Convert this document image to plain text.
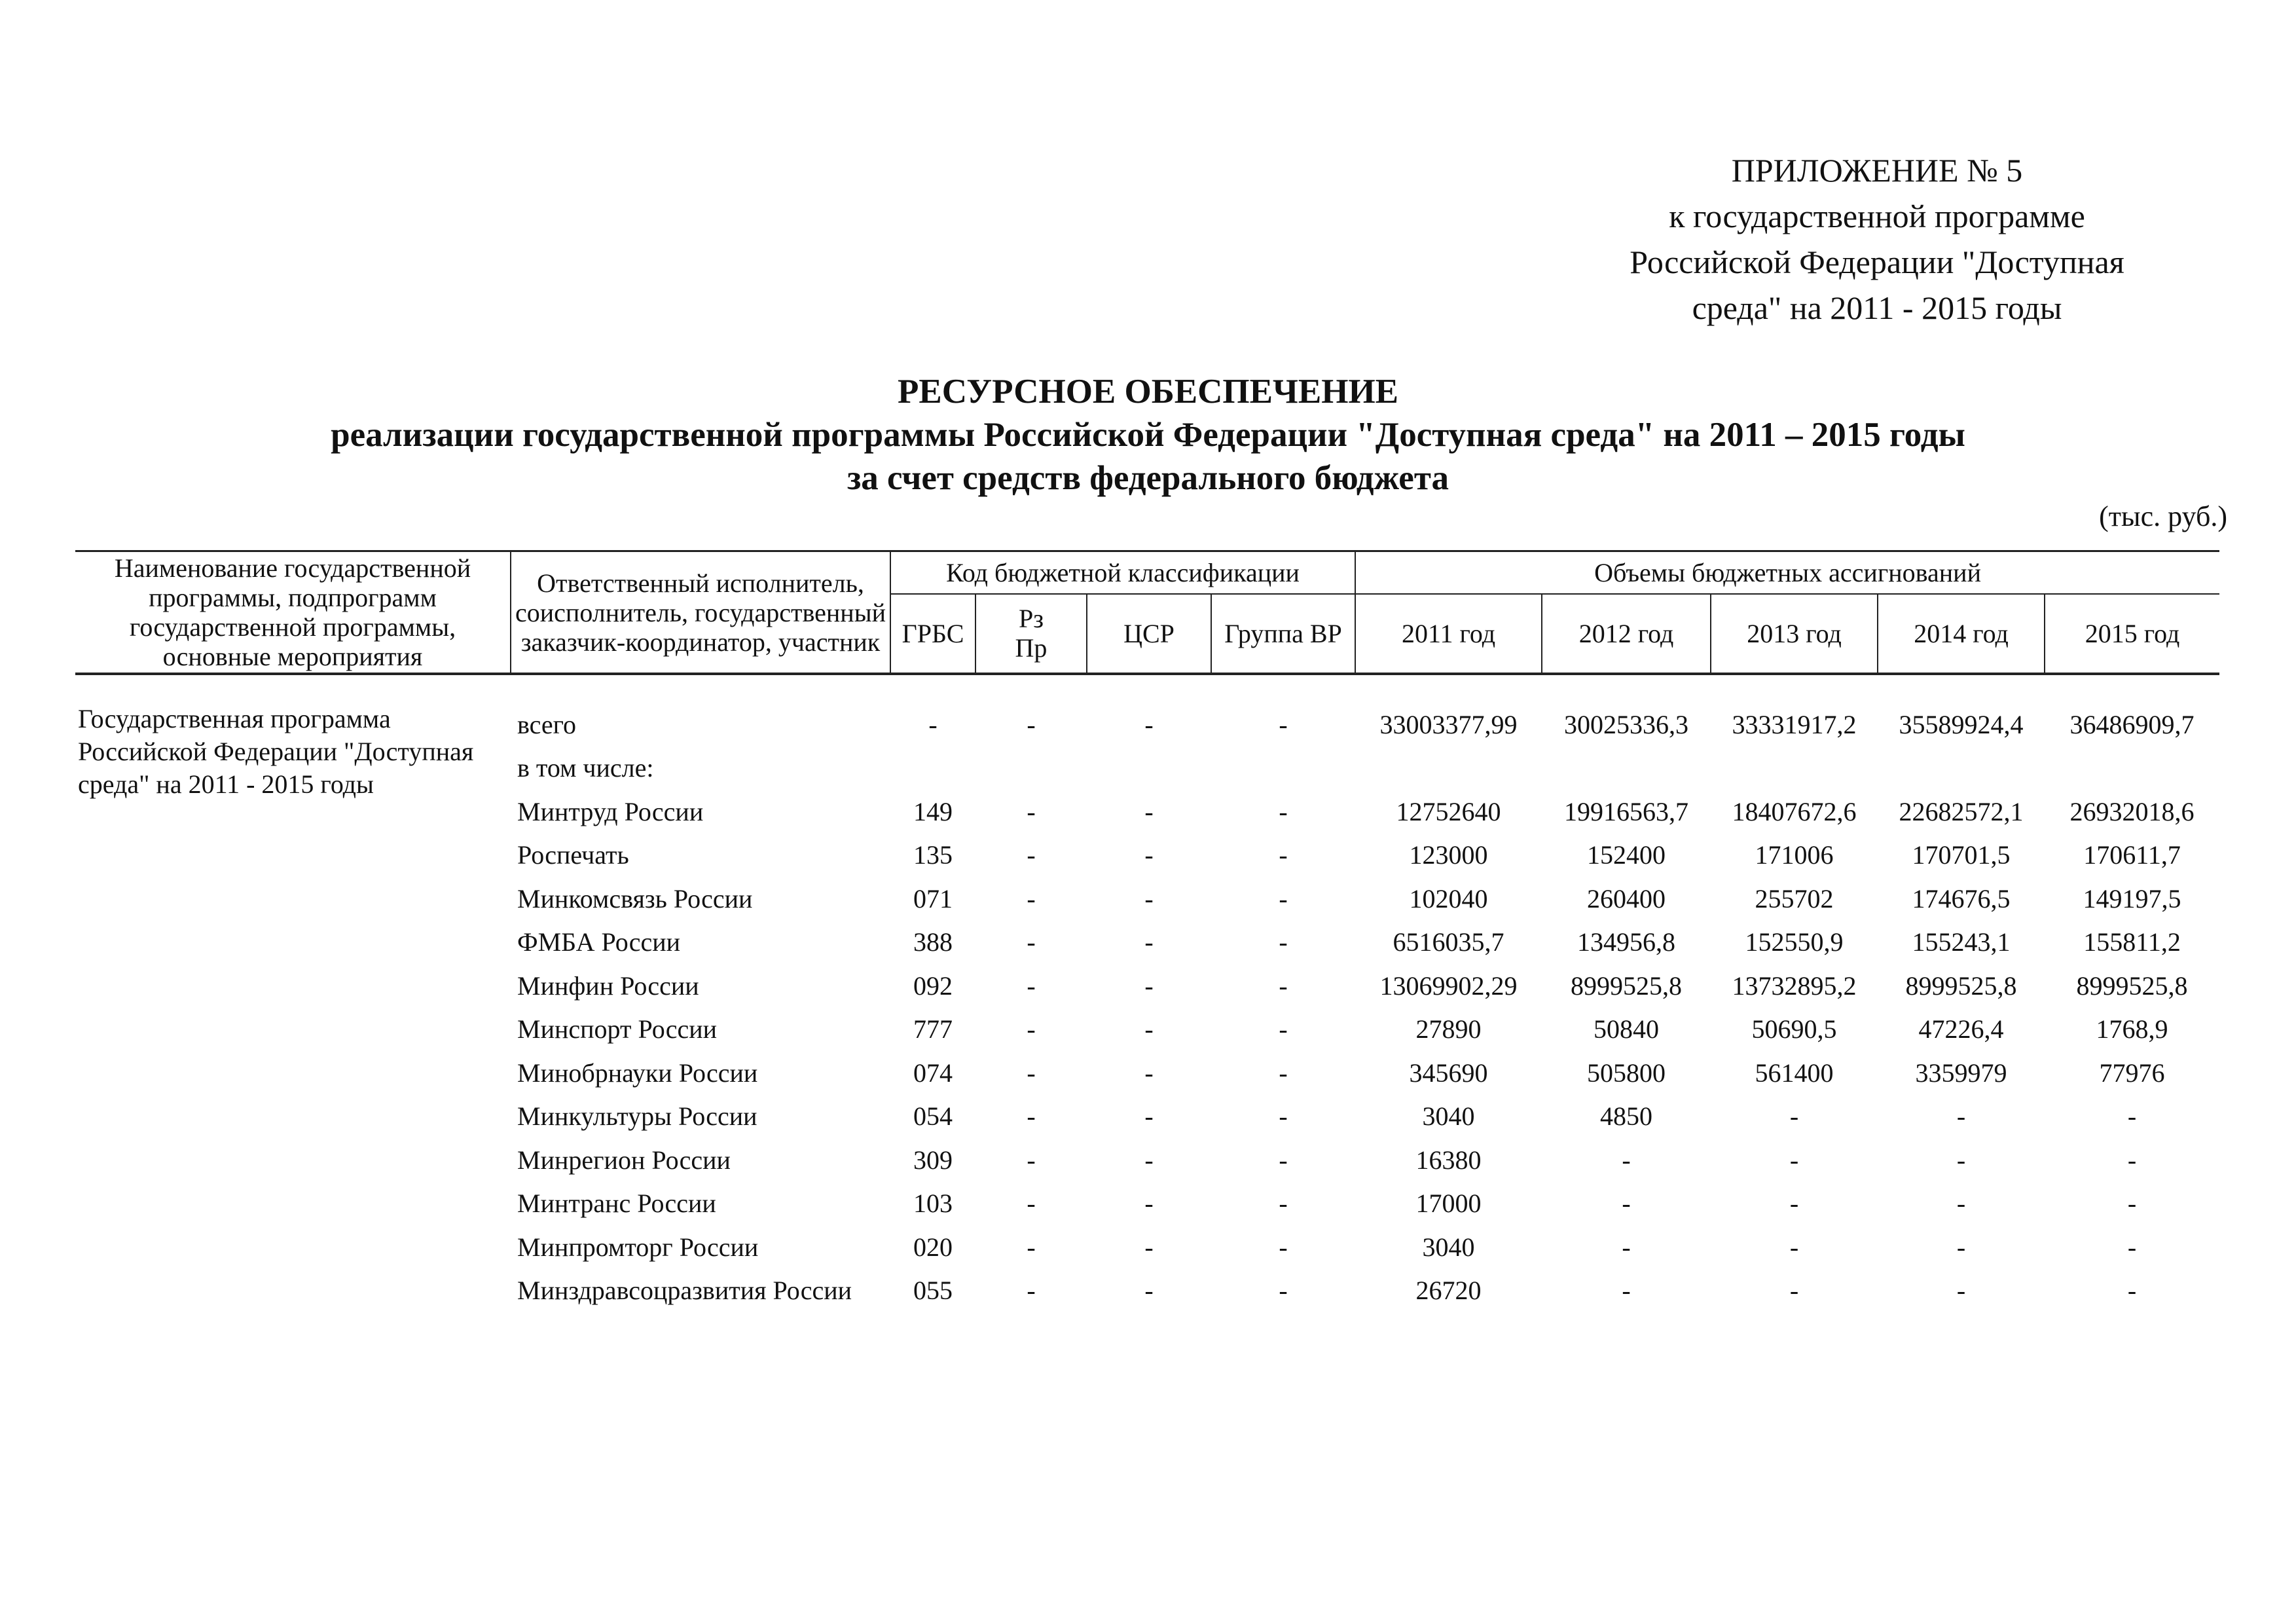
ПРИЛОЖЕНИЕ № 5
к государственной программе
Российской Федерации "Доступная
среда" на 2011 - 2015 годы
РЕСУРСНОЕ ОБЕСПЕЧЕНИЕ
реализации государственной программы Российской Федерации "Доступная среда" на 2011 – 2015 годы
за счет средств федерального бюджета
(тыс. руб.)
Наименование государственной программы, подпрограмм государственной программы, основные мероприятия	Ответственный исполнитель, соисполнитель, государственный заказчик-координатор, участник	Код бюджетной классификации				Объемы бюджетных ассигнований				
		ГРБС	Рз Пр	ЦСР	Группа ВР	2011 год	2012 год	2013 год	2014 год	2015 год
Государственная программа Российской Федерации "Доступная среда" на 2011 - 2015 годы	всего	-	-	-	-	33003377,99	30025336,3	33331917,2	35589924,4	36486909,7
	в том числе:									
	Минтруд России	149	-	-	-	12752640	19916563,7	18407672,6	22682572,1	26932018,6
	Роспечать	135	-	-	-	123000	152400	171006	170701,5	170611,7
	Минкомсвязь России	071	-	-	-	102040	260400	255702	174676,5	149197,5
	ФМБА России	388	-	-	-	6516035,7	134956,8	152550,9	155243,1	155811,2
	Минфин России	092	-	-	-	13069902,29	8999525,8	13732895,2	8999525,8	8999525,8
	Минспорт России	777	-	-	-	27890	50840	50690,5	47226,4	1768,9
	Минобрнауки России	074	-	-	-	345690	505800	561400	3359979	77976
	Минкультуры России	054	-	-	-	3040	4850	-	-	-
	Минрегион России	309	-	-	-	16380	-	-	-	-
	Минтранс России	103	-	-	-	17000	-	-	-	-
	Минпромторг России	020	-	-	-	3040	-	-	-	-
	Минздравсоцразвития России	055	-	-	-	26720	-	-	-	-
